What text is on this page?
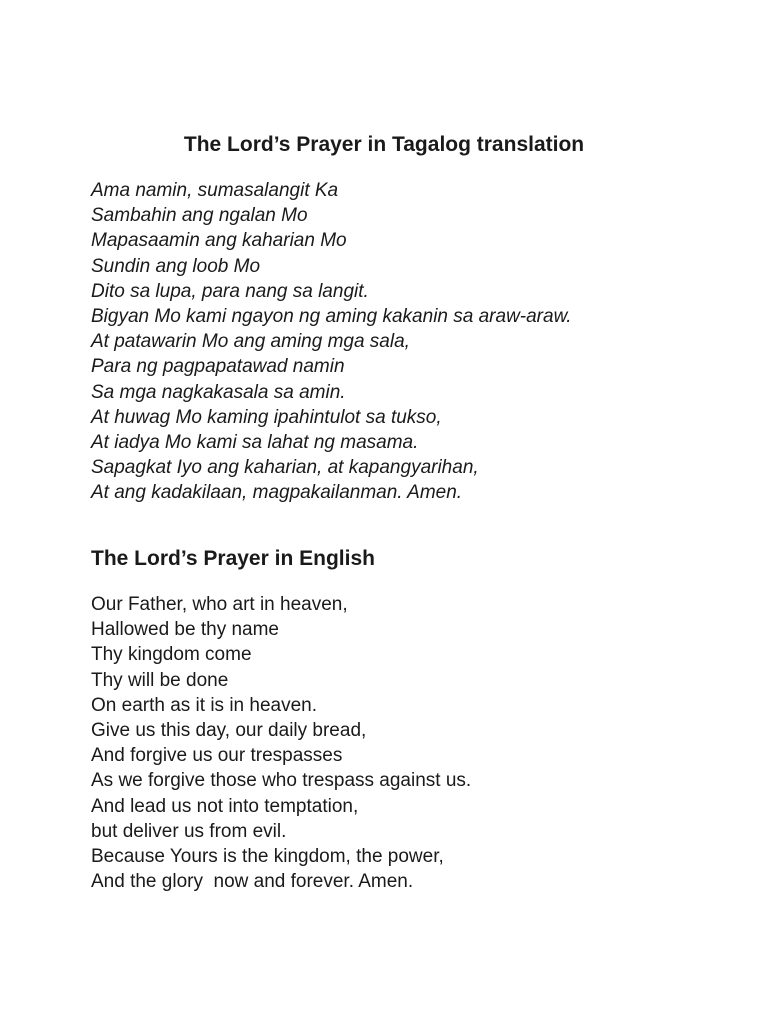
The Lord’s Prayer in Tagalog translation
Ama namin, sumasalangit Ka
Sambahin ang ngalan Mo
Mapasaamin ang kaharian Mo
Sundin ang loob Mo
Dito sa lupa, para nang sa langit.
Bigyan Mo kami ngayon ng aming kakanin sa araw-araw.
At patawarin Mo ang aming mga sala,
Para ng pagpapatawad namin
Sa mga nagkakasala sa amin.
At huwag Mo kaming ipahintulot sa tukso,
At iadya Mo kami sa lahat ng masama.
Sapagkat Iyo ang kaharian, at kapangyarihan,
At ang kadakilaan, magpakailanman. Amen.
The Lord’s Prayer in English
Our Father, who art in heaven,
Hallowed be thy name
Thy kingdom come
Thy will be done
On earth as it is in heaven.
Give us this day, our daily bread,
And forgive us our trespasses
As we forgive those who trespass against us.
And lead us not into temptation,
but deliver us from evil.
Because Yours is the kingdom, the power,
And the glory  now and forever. Amen.
